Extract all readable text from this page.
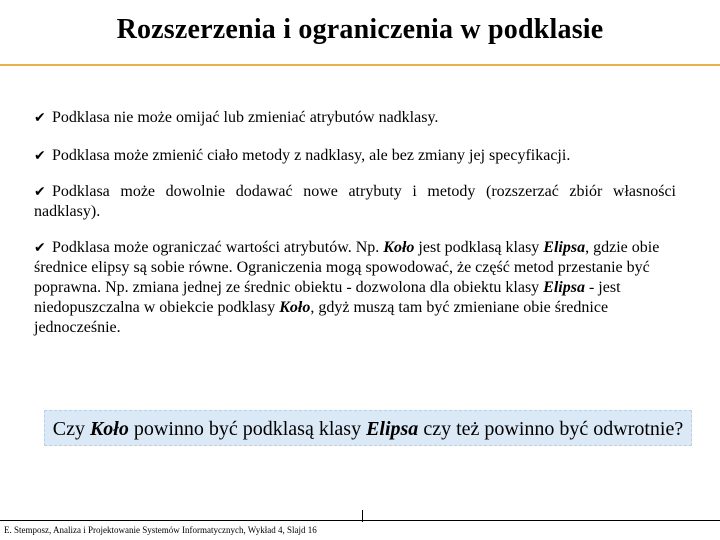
Rozszerzenia i ograniczenia w podklasie

✔ Podklasa nie może omijać lub zmieniać atrybutów nadklasy.

✔ Podklasa może zmienić ciało metody z nadklasy, ale bez zmiany jej specyfikacji.

✔ Podklasa może dowolnie dodawać nowe atrybuty i metody (rozszerzać zbiór własności nadklasy).

✔ Podklasa może ograniczać wartości atrybutów. Np. Koło jest podklasą klasy Elipsa, gdzie obie średnice elipsy są sobie równe. Ograniczenia mogą spowodować, że część metod przestanie być poprawna. Np. zmiana jednej ze średnic obiektu - dozwolona dla obiektu klasy Elipsa - jest niedopuszczalna w obiekcie podklasy Koło, gdyż muszą tam być zmieniane obie średnice jednocześnie.

Czy Koło powinno być podklasą klasy Elipsa czy też powinno być odwrotnie?
E. Stemposz, Analiza i Projektowanie Systemów Informatycznych, Wykład 4, Slajd 16
